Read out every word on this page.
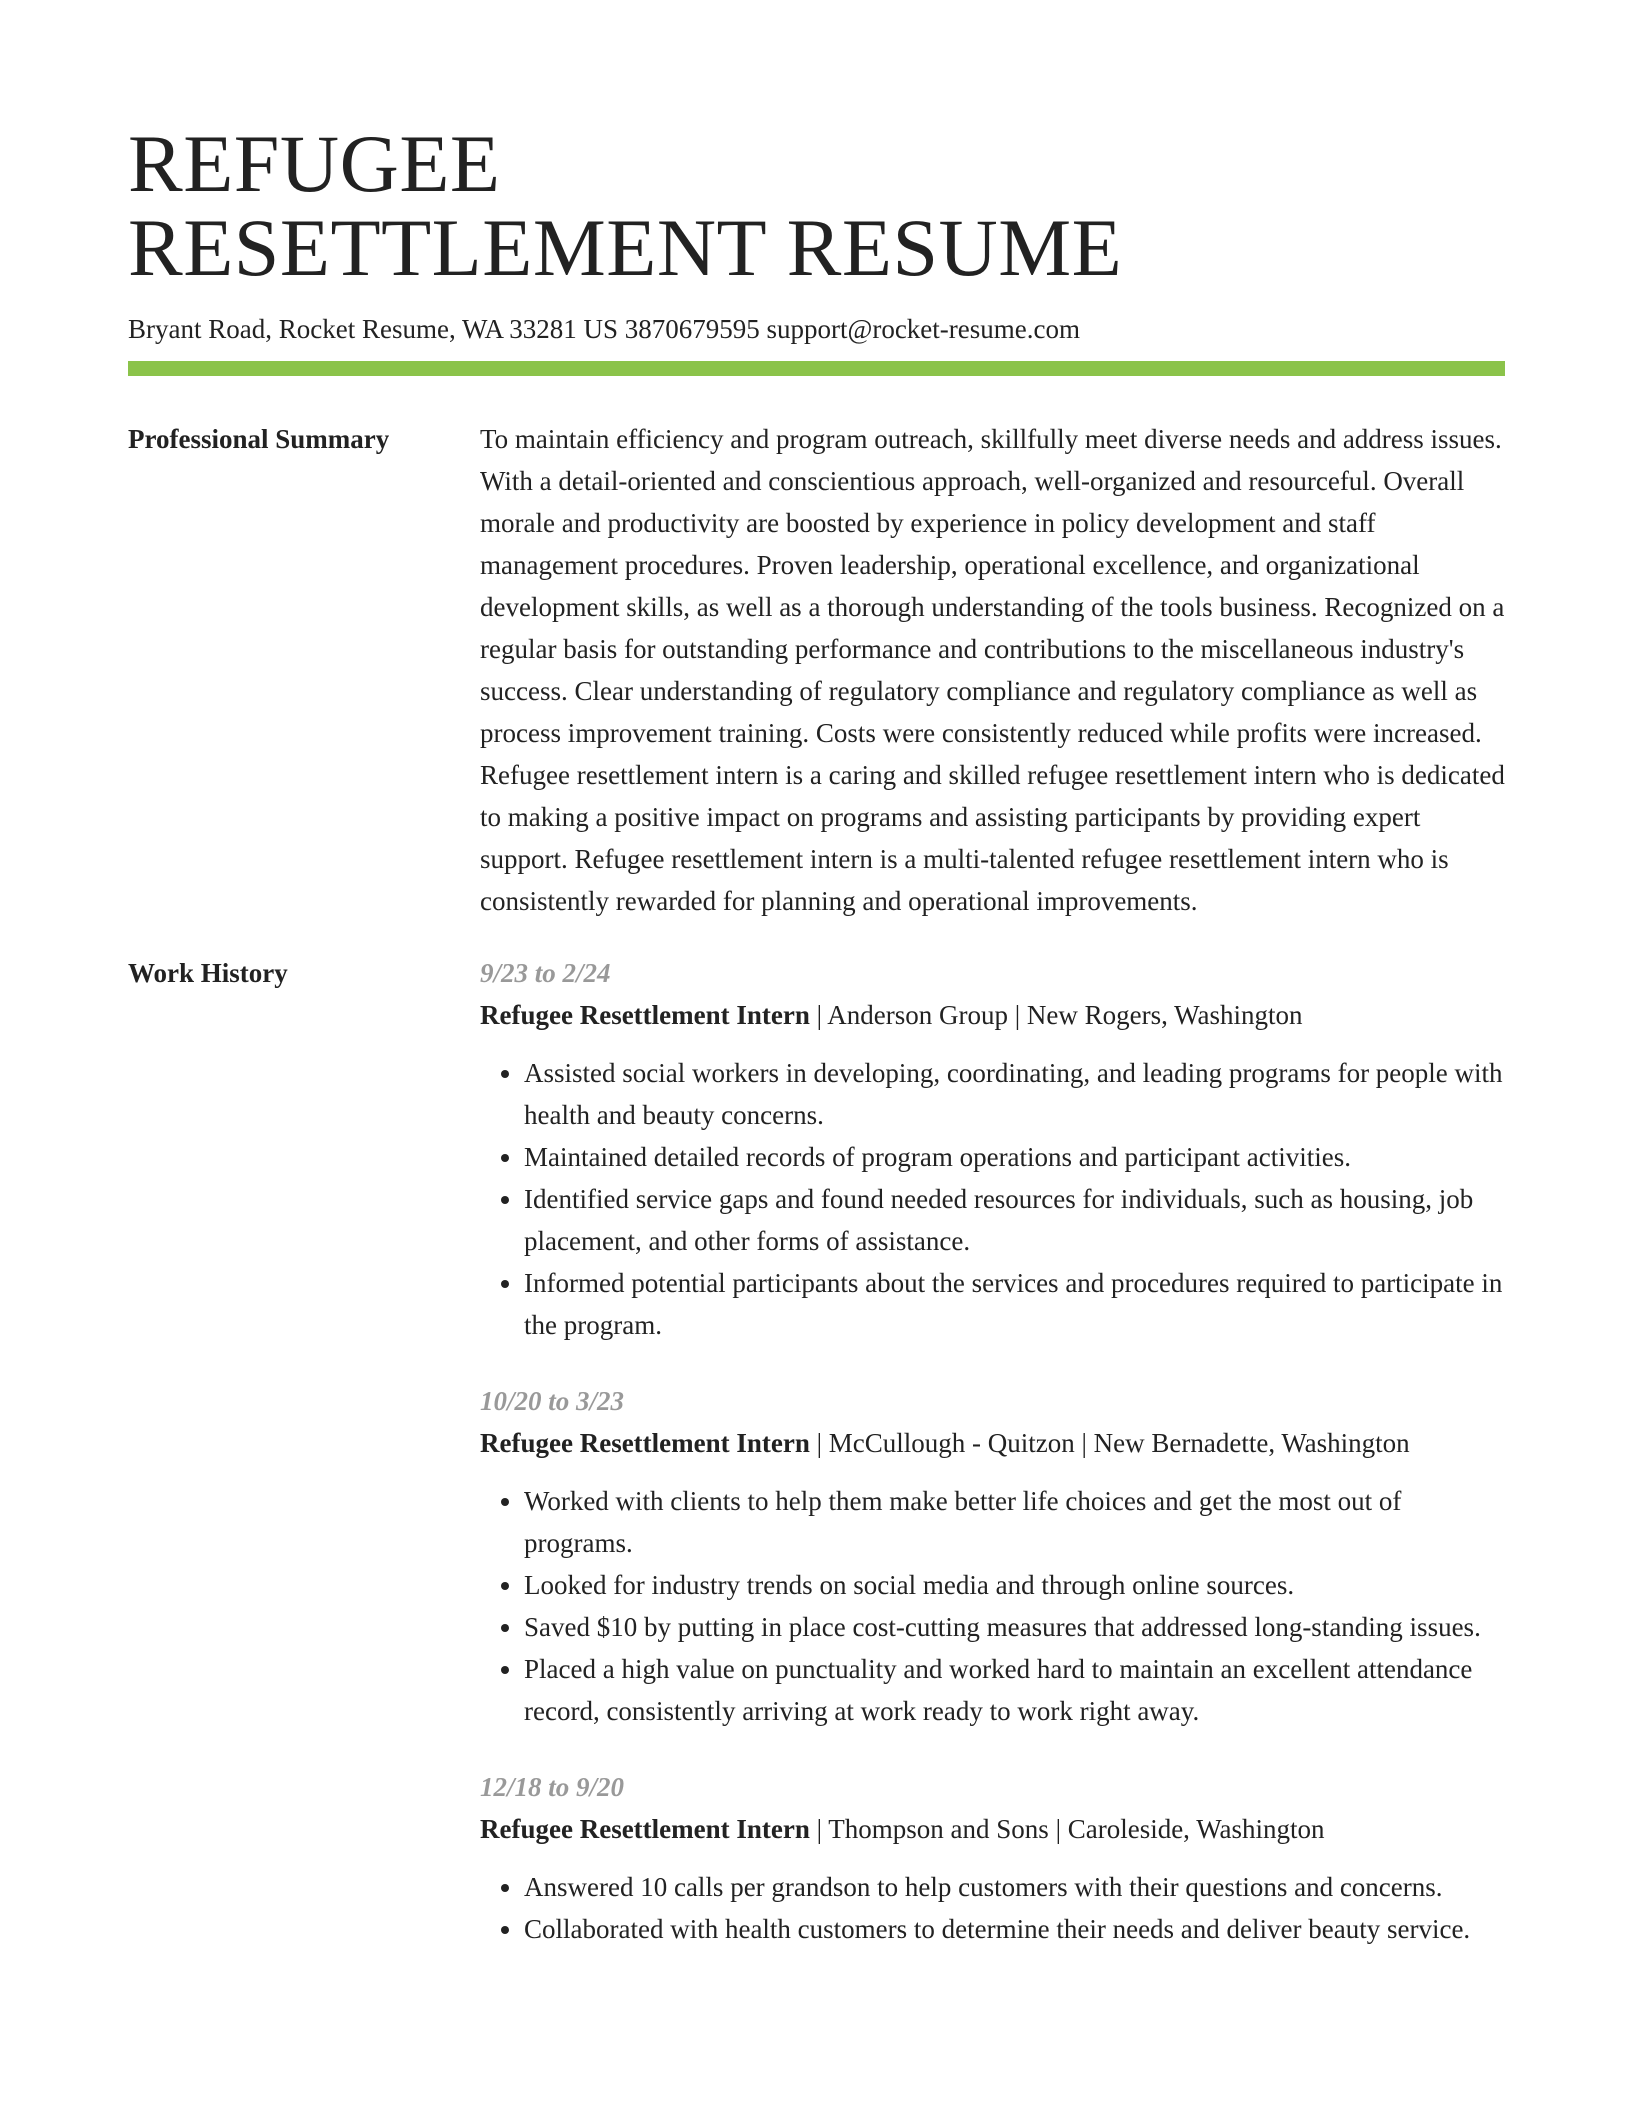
REFUGEE
RESETTLEMENT RESUME
Bryant Road, Rocket Resume, WA 33281 US 3870679595 support@rocket-resume.com
Professional Summary	To maintain efficiency and program outreach, skillfully meet diverse needs and address issues. With a detail-oriented and conscientious approach, well-organized and resourceful. Overall morale and productivity are boosted by experience in policy development and staff management procedures. Proven leadership, operational excellence, and organizational development skills, as well as a thorough understanding of the tools business. Recognized on a regular basis for outstanding performance and contributions to the miscellaneous industry's success. Clear understanding of regulatory compliance and regulatory compliance as well as process improvement training. Costs were consistently reduced while profits were increased. Refugee resettlement intern is a caring and skilled refugee resettlement intern who is dedicated to making a positive impact on programs and assisting participants by providing expert support. Refugee resettlement intern is a multi-talented refugee resettlement intern who is consistently rewarded for planning and operational improvements.

Work History	9/23 to 2/24
Refugee Resettlement Intern | Anderson Group | New Rogers, Washington
• Assisted social workers in developing, coordinating, and leading programs for people with health and beauty concerns.
• Maintained detailed records of program operations and participant activities.
• Identified service gaps and found needed resources for individuals, such as housing, job placement, and other forms of assistance.
• Informed potential participants about the services and procedures required to participate in the program.
10/20 to 3/23
Refugee Resettlement Intern | McCullough - Quitzon | New Bernadette, Washington
• Worked with clients to help them make better life choices and get the most out of programs.
• Looked for industry trends on social media and through online sources.
• Saved $10 by putting in place cost-cutting measures that addressed long-standing issues.
• Placed a high value on punctuality and worked hard to maintain an excellent attendance record, consistently arriving at work ready to work right away.
12/18 to 9/20
Refugee Resettlement Intern | Thompson and Sons | Caroleside, Washington
• Answered 10 calls per grandson to help customers with their questions and concerns.
• Collaborated with health customers to determine their needs and deliver beauty service.
